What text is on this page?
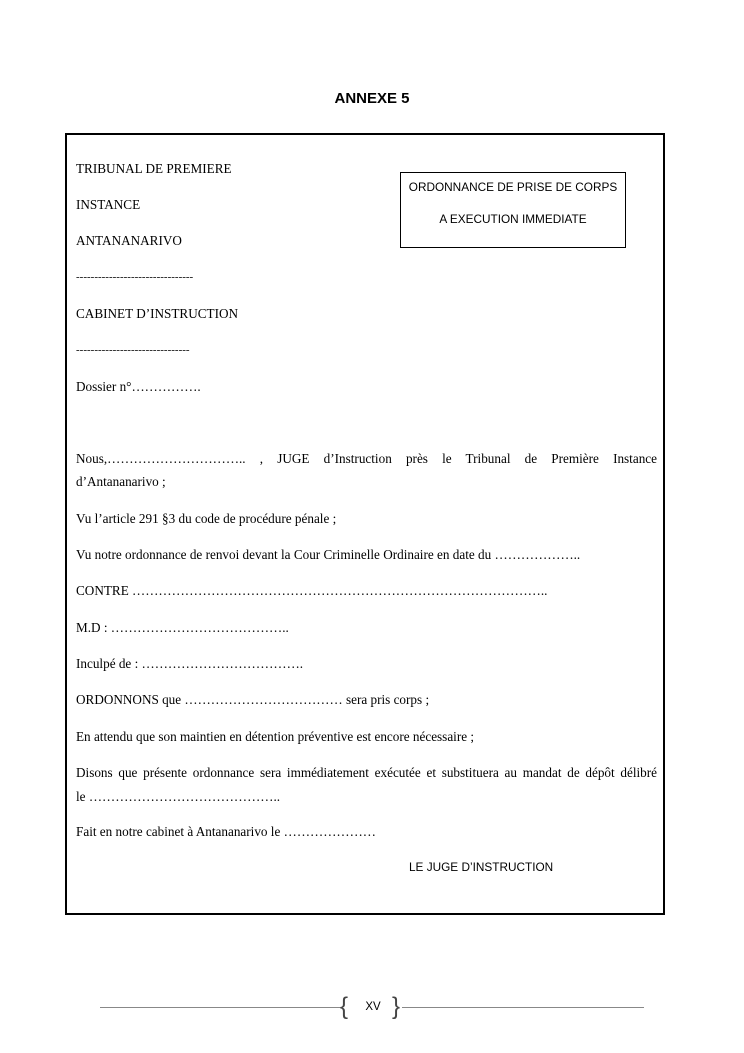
ANNEXE 5
TRIBUNAL DE PREMIERE
INSTANCE
ANTANANARIVO
--------------------------------
CABINET D’INSTRUCTION
-------------------------------
Dossier n°…………….
ORDONNANCE DE PRISE DE CORPS
A EXECUTION IMMEDIATE
Nous,………………………….. , JUGE d’Instruction près le Tribunal de Première Instance
d’Antananarivo ;
Vu l’article 291 §3 du code de procédure pénale ;
Vu notre ordonnance de renvoi devant la Cour Criminelle Ordinaire en date du ………………..
CONTRE …………………………………………………………………………………..
M.D : …………………………………..
Inculpé de : ……………………………….
ORDONNONS que ……………………………… sera pris corps ;
En attendu que son maintien en détention préventive est encore nécessaire ;
Disons que présente ordonnance sera immédiatement exécutée et substituera au mandat de dépôt délibré
le ……………………………………..
Fait en notre cabinet à Antananarivo le …………………
LE JUGE D’INSTRUCTION
{	XV }
